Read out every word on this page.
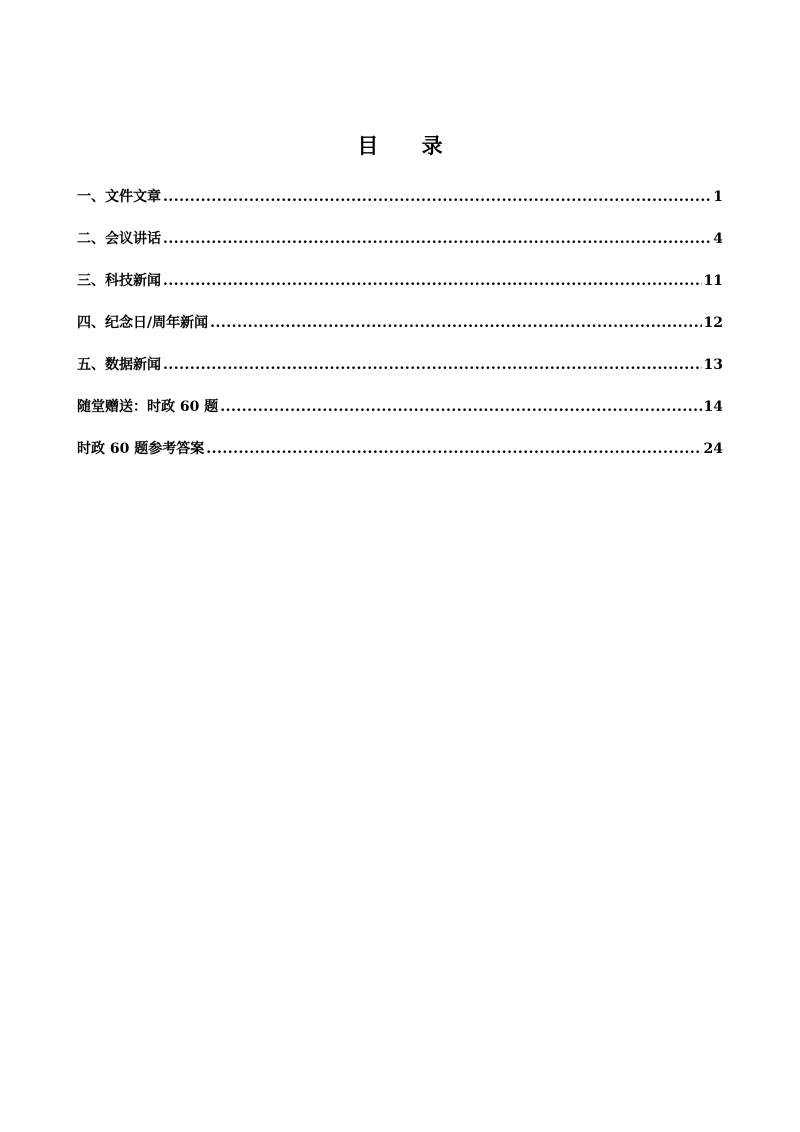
目 录
一、文件文章 .....	1
二、会议讲话 .....	4
三、科技新闻 .....	11
四、纪念日/周年新闻 .....	12
五、数据新闻 .....	13
随堂赠送：时政 60 题 .....	14
时政 60 题参考答案 .....	24
